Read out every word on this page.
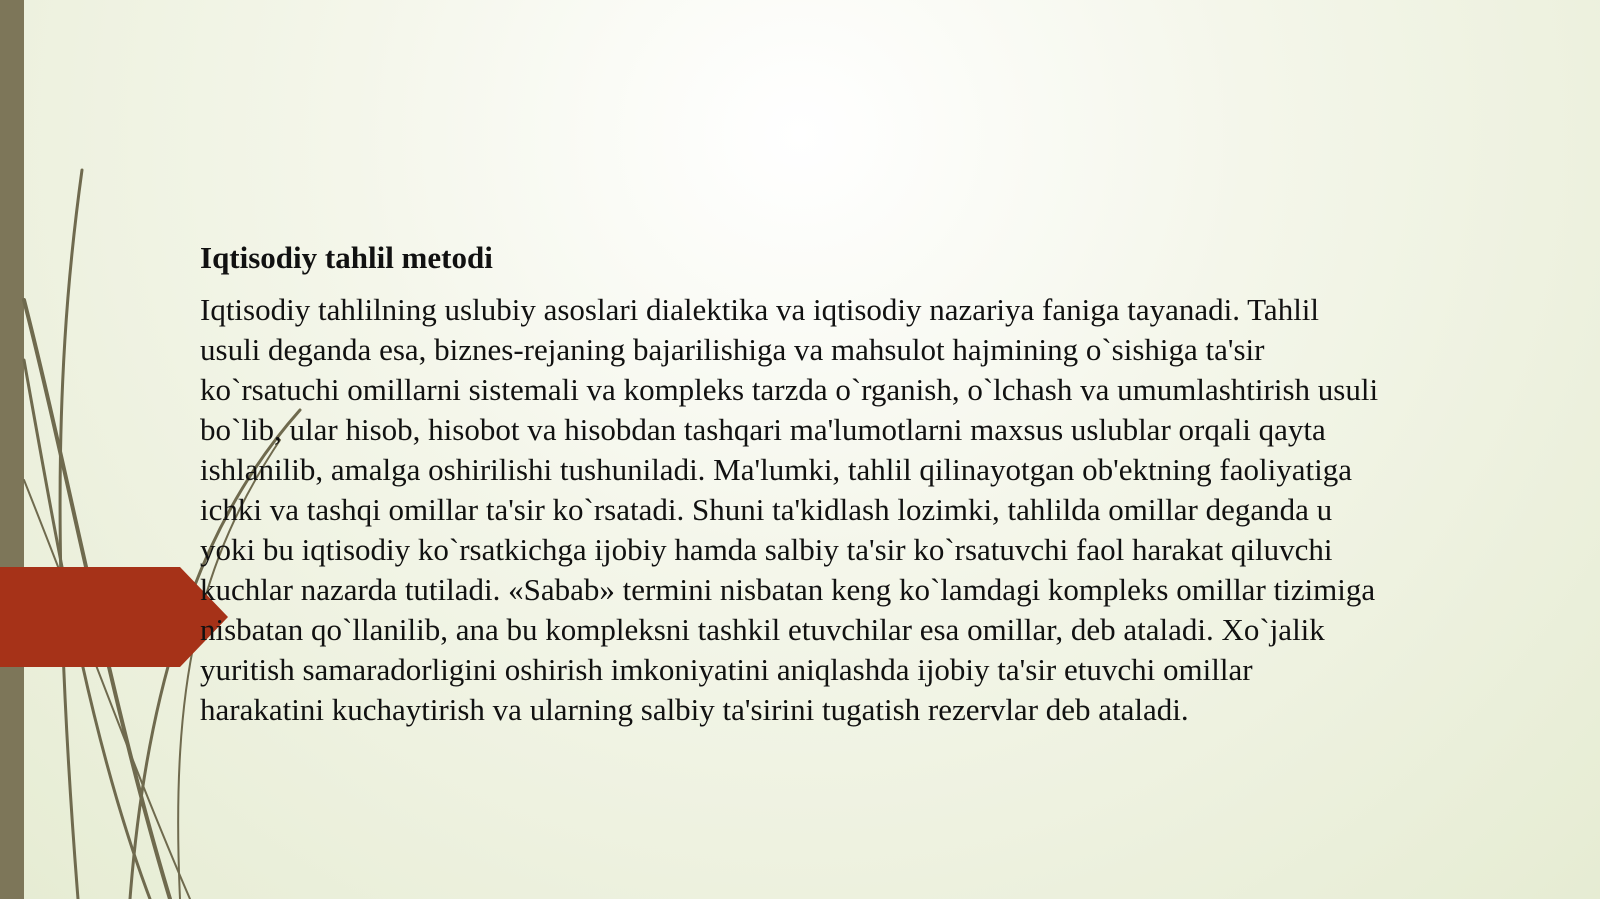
Iqtisodiy tahlil metodi

Iqtisodiy tahlilning uslubiy asoslari dialektika va iqtisodiy nazariya faniga tayanadi. Tahlil usuli deganda esa, biznes-rejaning bajarilishiga va mahsulot hajmining o`sishiga ta'sir ko`rsatuchi omillarni sistemali va kompleks tarzda o`rganish, o`lchash va umumlashtirish usuli bo`lib, ular hisob, hisobot va hisobdan tashqari ma'lumotlarni maxsus uslublar orqali qayta ishlanilib, amalga oshirilishi tushuniladi. Ma'lumki, tahlil qilinayotgan ob'ektning faoliyatiga ichki va tashqi omillar ta'sir ko`rsatadi. Shuni ta'kidlash lozimki, tahlilda omillar deganda u yoki bu iqtisodiy ko`rsatkichga ijobiy hamda salbiy ta'sir ko`rsatuvchi faol harakat qiluvchi kuchlar nazarda tutiladi. «Sabab» termini nisbatan keng ko`lamdagi kompleks omillar tizimiga nisbatan qo`llanilib, ana bu kompleksni tashkil etuvchilar esa omillar, deb ataladi. Xo`jalik yuritish samaradorligini oshirish imkoniyatini aniqlashda ijobiy ta'sir etuvchi omillar harakatini kuchaytirish va ularning salbiy ta'sirini tugatish rezervlar deb ataladi.
